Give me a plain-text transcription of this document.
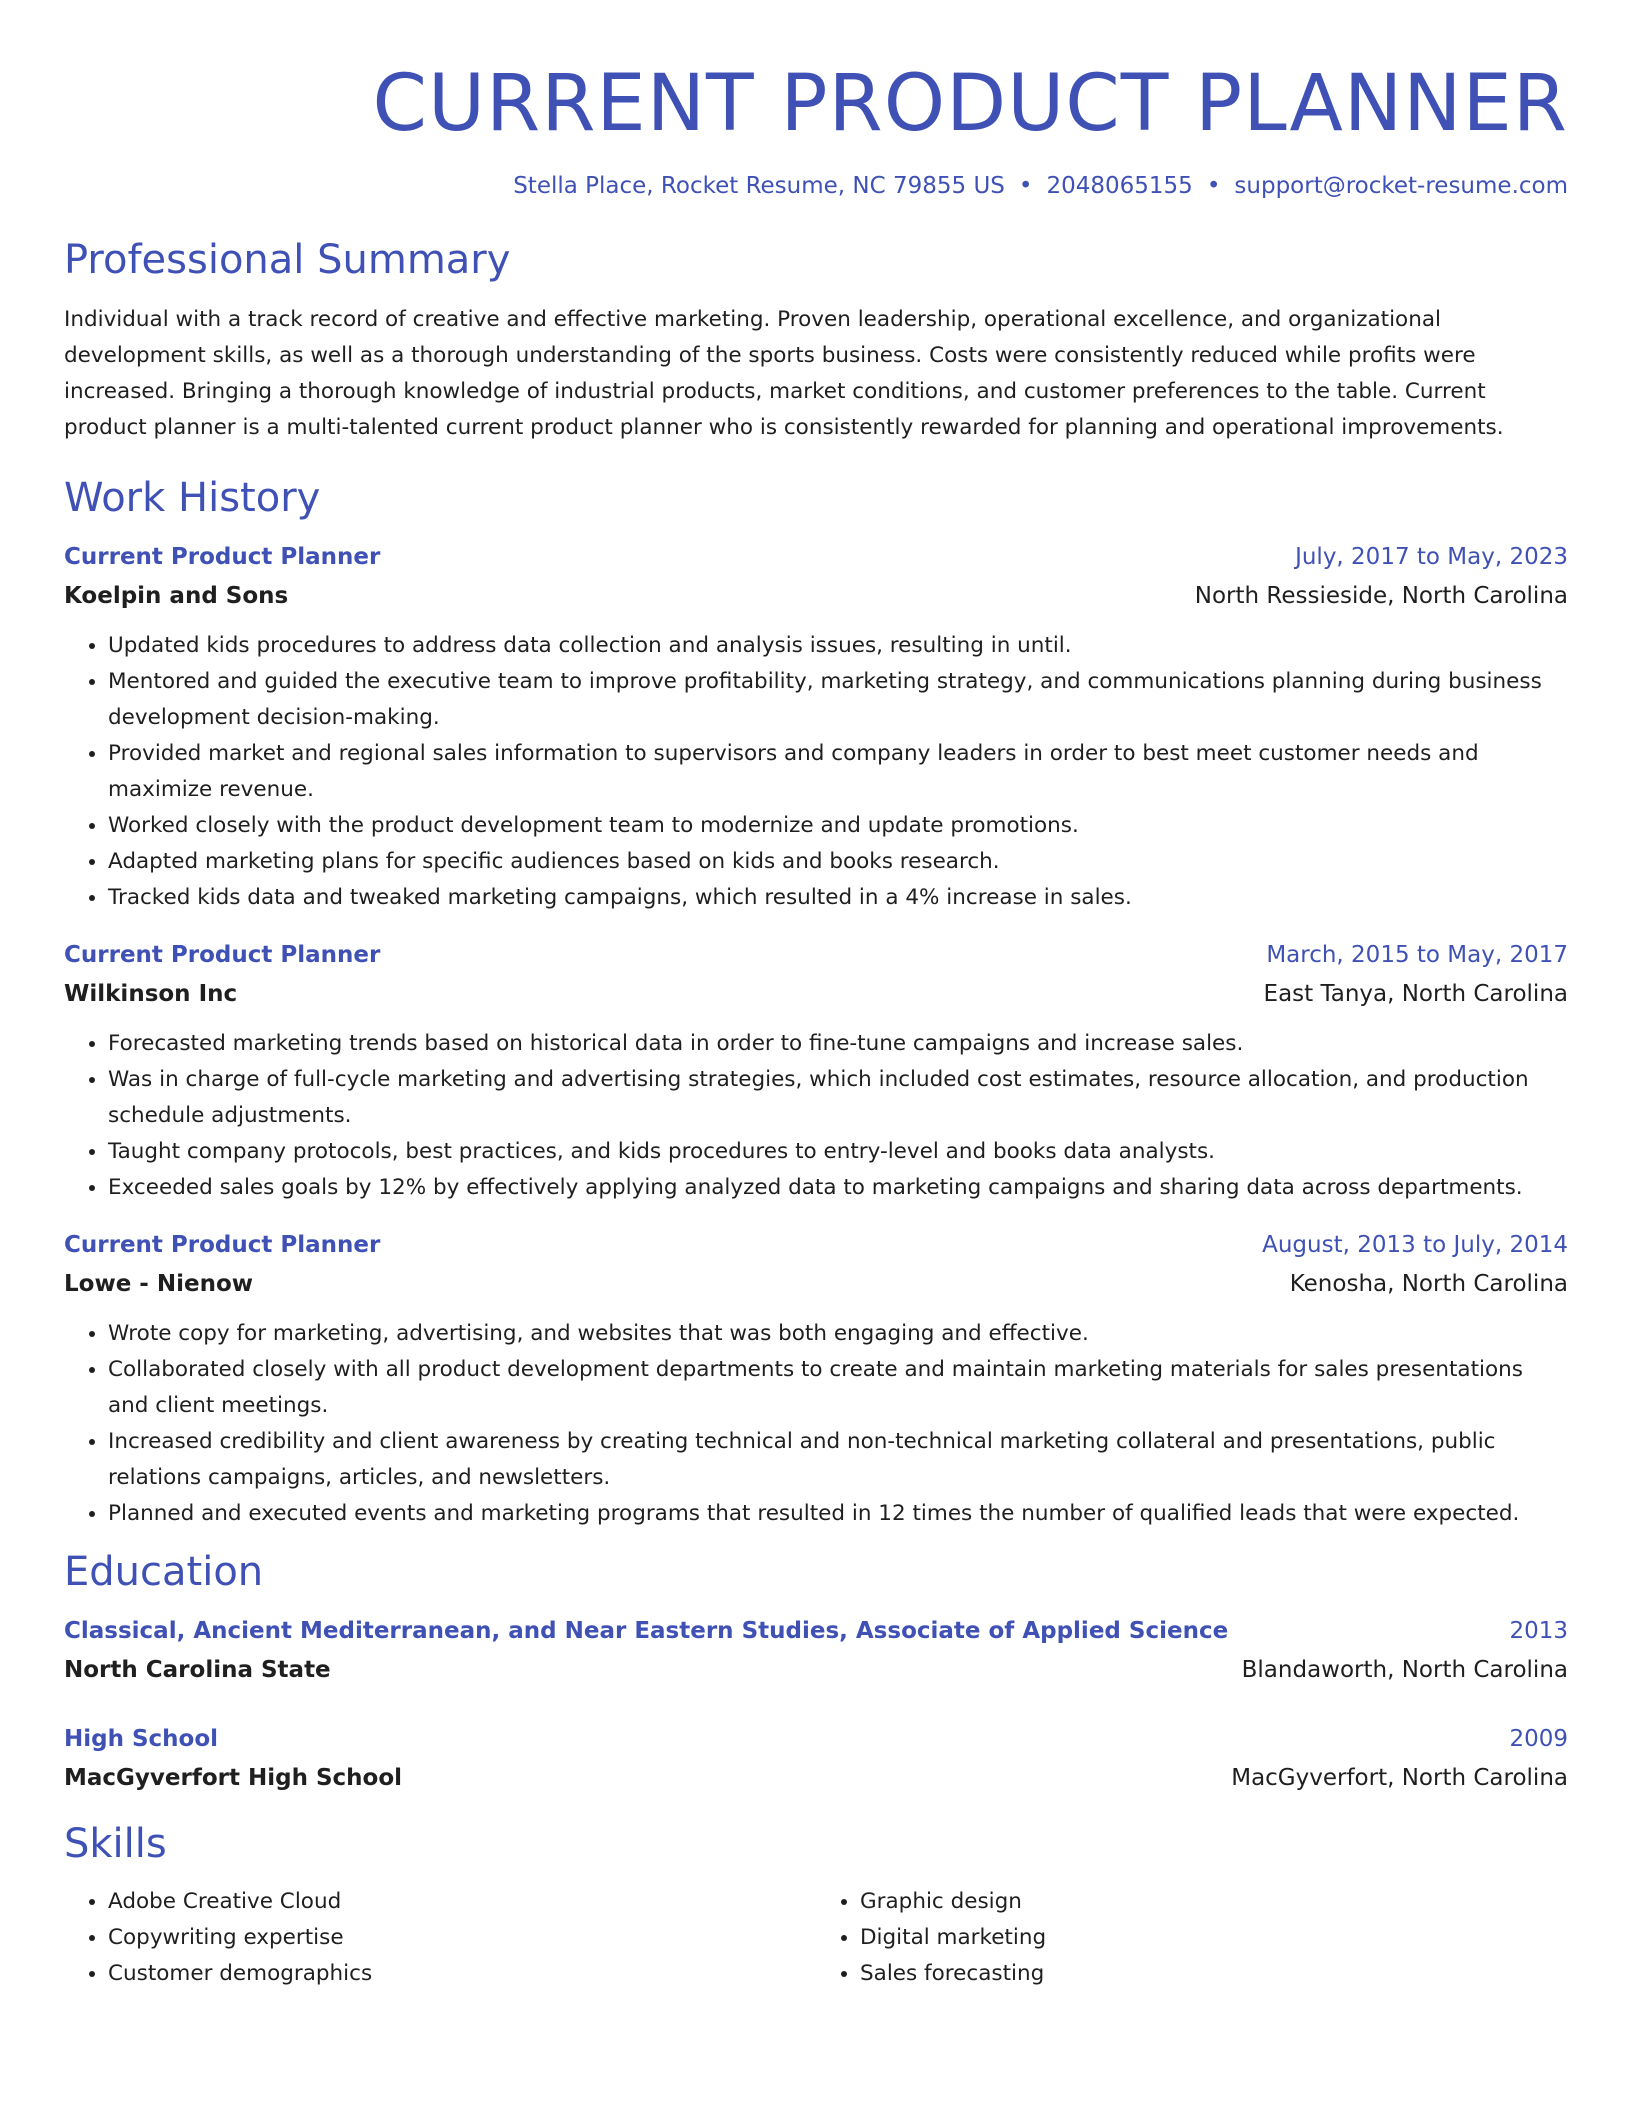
CURRENT PRODUCT PLANNER
Stella Place, Rocket Resume, NC 79855 US • 2048065155 • support@rocket-resume.com
Professional Summary
Individual with a track record of creative and effective marketing. Proven leadership, operational excellence, and organizational development skills, as well as a thorough understanding of the sports business. Costs were consistently reduced while profits were increased. Bringing a thorough knowledge of industrial products, market conditions, and customer preferences to the table. Current product planner is a multi-talented current product planner who is consistently rewarded for planning and operational improvements.
Work History
Current Product Planner	July, 2017 to May, 2023
Koelpin and Sons	North Ressieside, North Carolina
• Updated kids procedures to address data collection and analysis issues, resulting in until.
• Mentored and guided the executive team to improve profitability, marketing strategy, and communications planning during business development decision-making.
• Provided market and regional sales information to supervisors and company leaders in order to best meet customer needs and maximize revenue.
• Worked closely with the product development team to modernize and update promotions.
• Adapted marketing plans for specific audiences based on kids and books research.
• Tracked kids data and tweaked marketing campaigns, which resulted in a 4% increase in sales.
Current Product Planner	March, 2015 to May, 2017
Wilkinson Inc	East Tanya, North Carolina
• Forecasted marketing trends based on historical data in order to fine-tune campaigns and increase sales.
• Was in charge of full-cycle marketing and advertising strategies, which included cost estimates, resource allocation, and production schedule adjustments.
• Taught company protocols, best practices, and kids procedures to entry-level and books data analysts.
• Exceeded sales goals by 12% by effectively applying analyzed data to marketing campaigns and sharing data across departments.
Current Product Planner	August, 2013 to July, 2014
Lowe - Nienow	Kenosha, North Carolina
• Wrote copy for marketing, advertising, and websites that was both engaging and effective.
• Collaborated closely with all product development departments to create and maintain marketing materials for sales presentations and client meetings.
• Increased credibility and client awareness by creating technical and non-technical marketing collateral and presentations, public relations campaigns, articles, and newsletters.
• Planned and executed events and marketing programs that resulted in 12 times the number of qualified leads that were expected.
Education
Classical, Ancient Mediterranean, and Near Eastern Studies, Associate of Applied Science	2013
North Carolina State	Blandaworth, North Carolina
High School	2009
MacGyverfort High School	MacGyverfort, North Carolina
Skills
• Adobe Creative Cloud
• Copywriting expertise
• Customer demographics
• Graphic design
• Digital marketing
• Sales forecasting
